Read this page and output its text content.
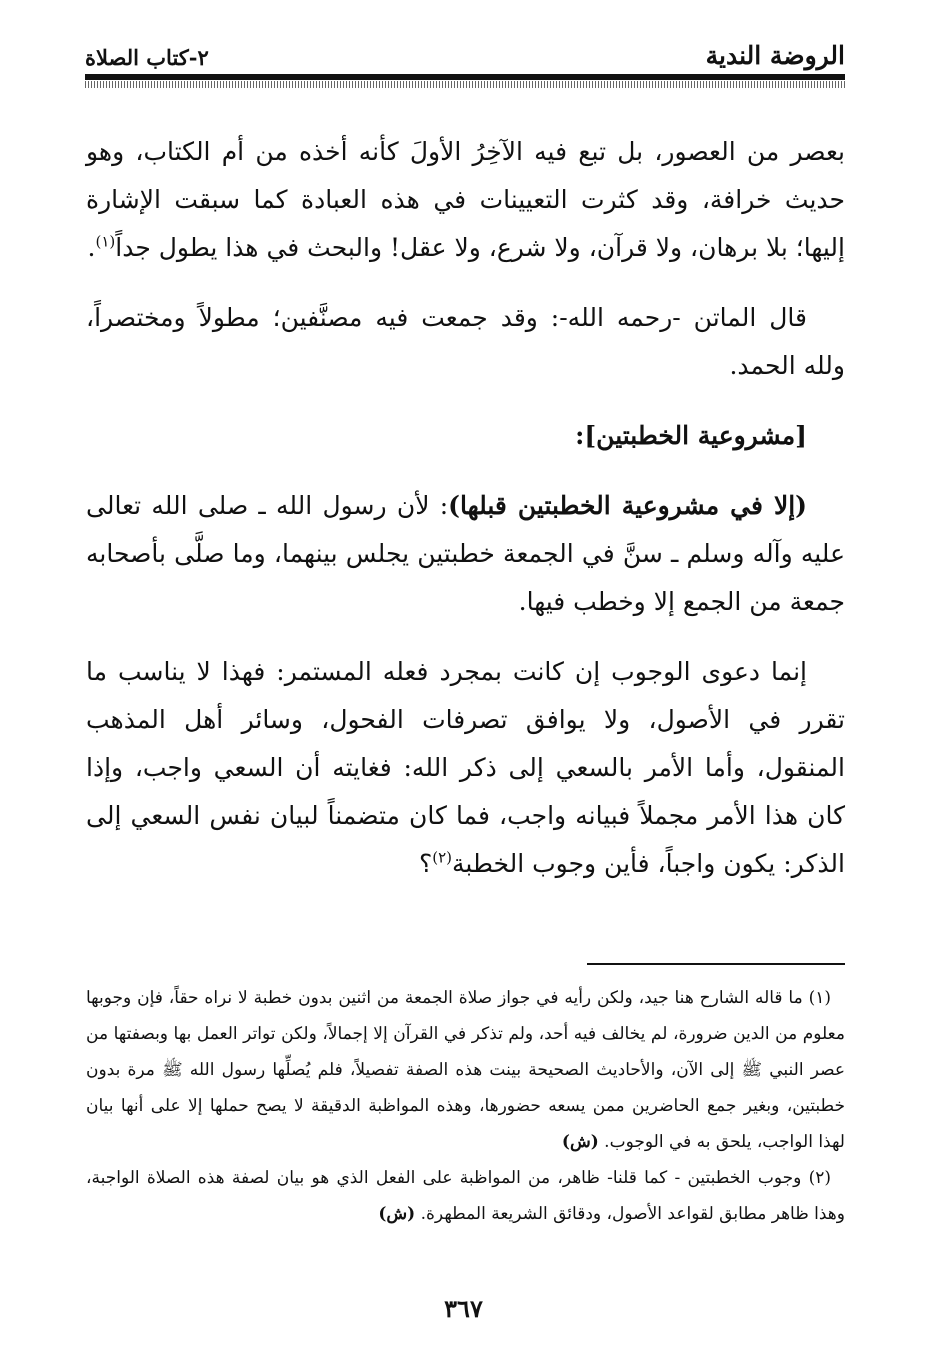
الروضة الندية
٢-كتاب الصلاة

بعصر من العصور، بل تبع فيه الآخِرُ الأولَ كأنه أخذه من أم الكتاب، وهو حديث خرافة، وقد كثرت التعيينات في هذه العبادة كما سبقت الإشارة إليها؛ بلا برهان، ولا قرآن، ولا شرع، ولا عقل! والبحث في هذا يطول جداً$^{(١)}$.

قال الماتن -رحمه الله-: وقد جمعت فيه مصنَّفين؛ مطولاً ومختصراً، ولله الحمد.

[مشروعية الخطبتين]:

(إلا في مشروعية الخطبتين قبلها): لأن رسول الله ـ صلى الله تعالى عليه وآله وسلم ـ سنَّ في الجمعة خطبتين يجلس بينهما، وما صلَّى بأصحابه جمعة من الجمع إلا وخطب فيها.

إنما دعوى الوجوب إن كانت بمجرد فعله المستمر: فهذا لا يناسب ما تقرر في الأصول، ولا يوافق تصرفات الفحول، وسائر أهل المذهب المنقول، وأما الأمر بالسعي إلى ذكر الله: فغايته أن السعي واجب، وإذا كان هذا الأمر مجملاً فبيانه واجب، فما كان متضمناً لبيان نفس السعي إلى الذكر: يكون واجباً، فأين وجوب الخطبة$^{(٢)}$؟

(١) ما قاله الشارح هنا جيد، ولكن رأيه في جواز صلاة الجمعة من اثنين بدون خطبة لا نراه حقاً، فإن وجوبها معلوم من الدين ضرورة، لم يخالف فيه أحد، ولم تذكر في القرآن إلا إجمالاً، ولكن تواتر العمل بها وبصفتها من عصر النبي ﷺ إلى الآن، والأحاديث الصحيحة بينت هذه الصفة تفصيلاً، فلم يُصلِّها رسول الله ﷺ مرة بدون خطبتين، وبغير جمع الحاضرين ممن يسعه حضورها، وهذه المواظبة الدقيقة لا يصح حملها إلا على أنها بيان لهذا الواجب، يلحق به في الوجوب. (ش)

(٢) وجوب الخطبتين - كما قلنا- ظاهر، من المواظبة على الفعل الذي هو بيان لصفة هذه الصلاة الواجبة، وهذا ظاهر مطابق لقواعد الأصول، ودقائق الشريعة المطهرة. (ش)

٣٦٧
